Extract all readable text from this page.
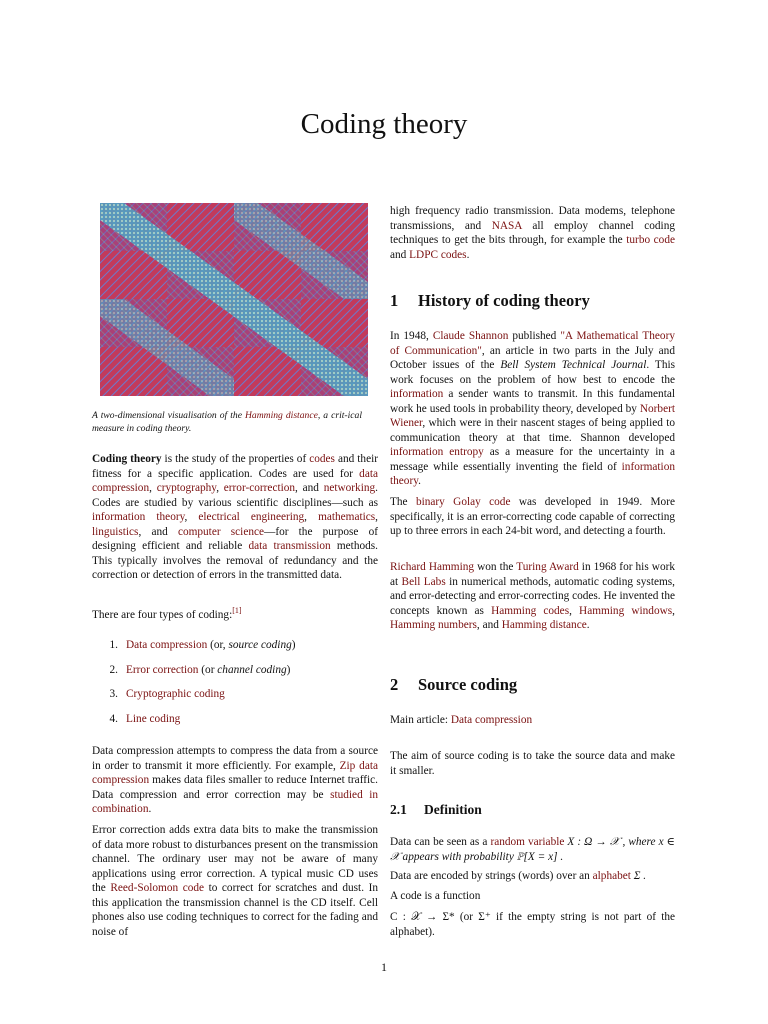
Coding theory
A two-dimensional visualisation of the Hamming distance, a crit-ical measure in coding theory.

Coding theory is the study of the properties of codes and their fitness for a specific application. Codes are used for data compression, cryptography, error-correction, and networking. Codes are studied by various scientific disciplines—such as information theory, electrical engineering, mathematics, linguistics, and computer science—for the purpose of designing efficient and reliable data transmission methods. This typically involves the removal of redundancy and the correction or detection of errors in the transmitted data.

There are four types of coding:[1]

1. Data compression (or, source coding)
2. Error correction (or channel coding)
3. Cryptographic coding
4. Line coding

Data compression attempts to compress the data from a source in order to transmit it more efficiently. For example, Zip data compression makes data files smaller to reduce Internet traffic. Data compression and error correction may be studied in combination.

Error correction adds extra data bits to make the transmission of data more robust to disturbances present on the transmission channel. The ordinary user may not be aware of many applications using error correction. A typical music CD uses the Reed-Solomon code to correct for scratches and dust. In this application the transmission channel is the CD itself. Cell phones also use coding techniques to correct for the fading and noise of

high frequency radio transmission. Data modems, telephone transmissions, and NASA all employ channel coding techniques to get the bits through, for example the turbo code and LDPC codes.

1 History of coding theory

In 1948, Claude Shannon published "A Mathematical Theory of Communication", an article in two parts in the July and October issues of the Bell System Technical Journal. This work focuses on the problem of how best to encode the information a sender wants to transmit. In this fundamental work he used tools in probability theory, developed by Norbert Wiener, which were in their nascent stages of being applied to communication theory at that time. Shannon developed information entropy as a measure for the uncertainty in a message while essentially inventing the field of information theory.

The binary Golay code was developed in 1949. More specifically, it is an error-correcting code capable of correcting up to three errors in each 24-bit word, and detecting a fourth.

Richard Hamming won the Turing Award in 1968 for his work at Bell Labs in numerical methods, automatic coding systems, and error-detecting and error-correcting codes. He invented the concepts known as Hamming codes, Hamming windows, Hamming numbers, and Hamming distance.

2 Source coding

Main article: Data compression

The aim of source coding is to take the source data and make it smaller.

2.1 Definition

Data can be seen as a random variable X : Ω → 𝒳 , where x ∈ 𝒳 appears with probability ℙ[X = x] .

Data are encoded by strings (words) over an alphabet Σ .

A code is a function

C : 𝒳 → Σ* (or Σ⁺ if the empty string is not part of the alphabet).

1
